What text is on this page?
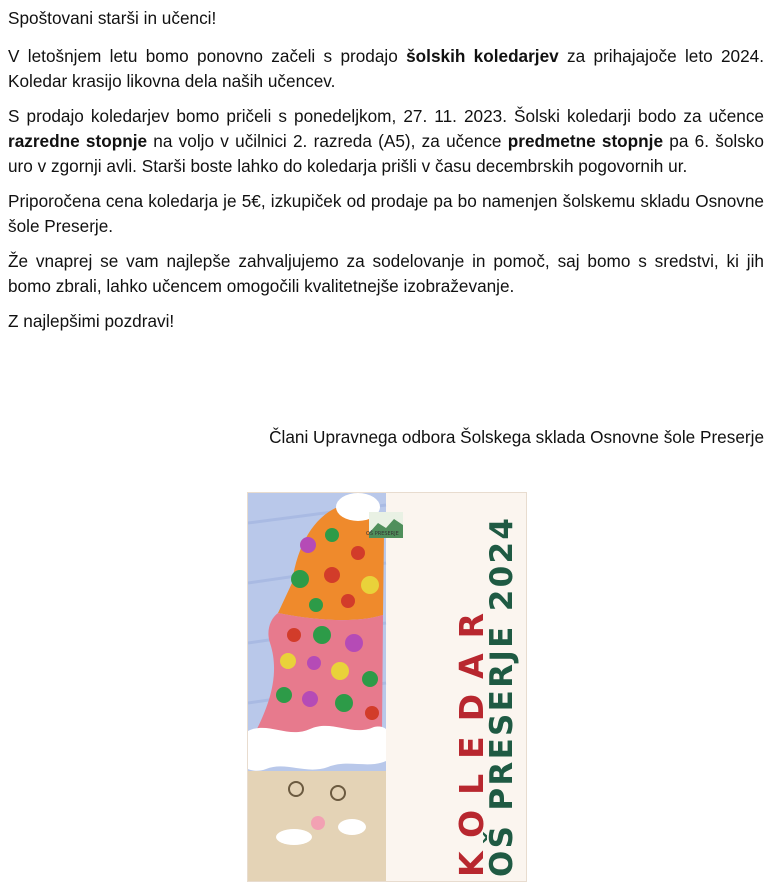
Spoštovani starši in učenci!

V letošnjem letu bomo ponovno začeli s prodajo šolskih koledarjev za prihajajoče leto 2024. Koledar krasijo likovna dela naših učencev.

S prodajo koledarjev bomo pričeli s ponedeljkom, 27. 11. 2023. Šolski koledarji bodo za učence razredne stopnje na voljo v učilnici 2. razreda (A5), za učence predmetne stopnje pa 6. šolsko uro v zgornji avli. Starši boste lahko do koledarja prišli v času decembrskih pogovornih ur.

Priporočena cena koledarja je 5€, izkupiček od prodaje pa bo namenjen šolskemu skladu Osnovne šole Preserje.

Že vnaprej se vam najlepše zahvaljujemo za sodelovanje in pomoč, saj bomo s sredstvi, ki jih bomo zbrali, lahko učencem omogočili kvalitetnejše izobraževanje.

Z najlepšimi pozdravi!

Člani Upravnega odbora Šolskega sklada Osnovne šole Preserje
OŠ PRESERJE
KOLEDAR
OŠ PRESERJE 2024
